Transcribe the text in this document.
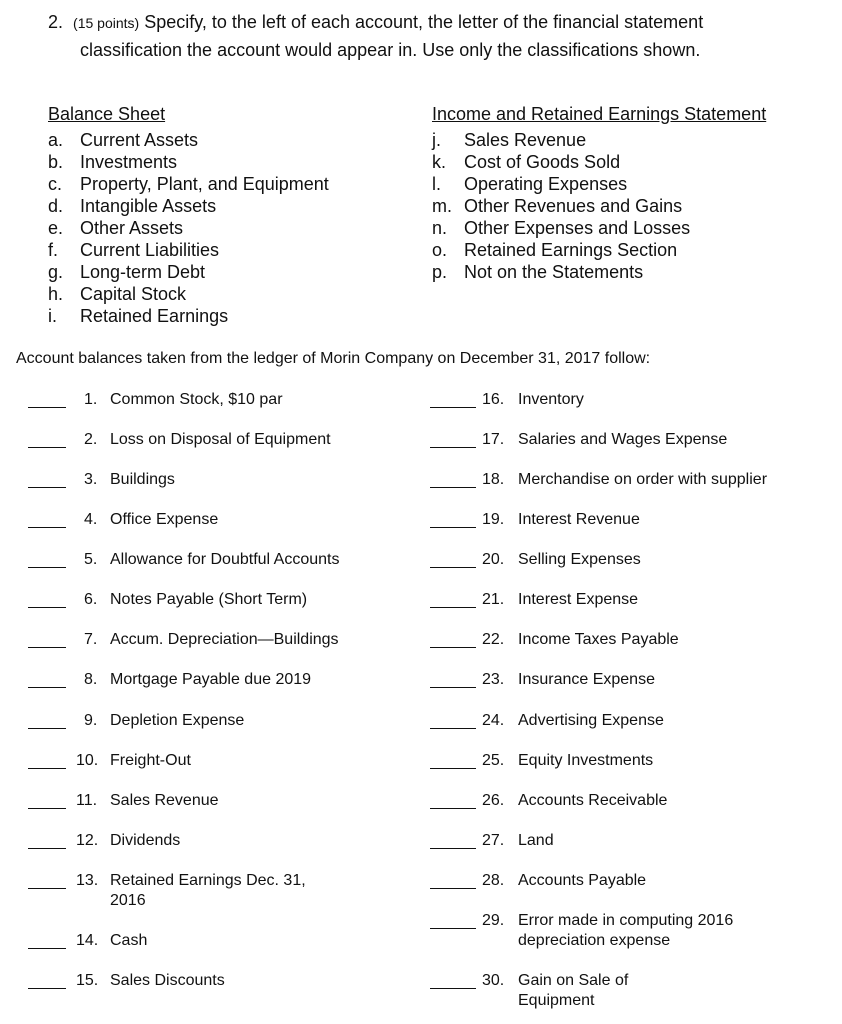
2. (15 points) Specify, to the left of each account, the letter of the financial statement
classification the account would appear in. Use only the classifications shown.
Balance Sheet
a. Current Assets
b. Investments
c. Property, Plant, and Equipment
d. Intangible Assets
e. Other Assets
f. Current Liabilities
g. Long-term Debt
h. Capital Stock
i. Retained Earnings
Income and Retained Earnings Statement
j. Sales Revenue
k. Cost of Goods Sold
l. Operating Expenses
m. Other Revenues and Gains
n. Other Expenses and Losses
o. Retained Earnings Section
p. Not on the Statements
Account balances taken from the ledger of Morin Company on December 31, 2017 follow:
1. Common Stock, $10 par
2. Loss on Disposal of Equipment
3. Buildings
4. Office Expense
5. Allowance for Doubtful Accounts
6. Notes Payable (Short Term)
7. Accum. Depreciation—Buildings
8. Mortgage Payable due 2019
9. Depletion Expense
10. Freight-Out
11. Sales Revenue
12. Dividends
13. Retained Earnings Dec. 31,
2016
14. Cash
15. Sales Discounts
16. Inventory
17. Salaries and Wages Expense
18. Merchandise on order with supplier
19. Interest Revenue
20. Selling Expenses
21. Interest Expense
22. Income Taxes Payable
23. Insurance Expense
24. Advertising Expense
25. Equity Investments
26. Accounts Receivable
27. Land
28. Accounts Payable
29. Error made in computing 2016
depreciation expense
30. Gain on Sale of
Equipment
